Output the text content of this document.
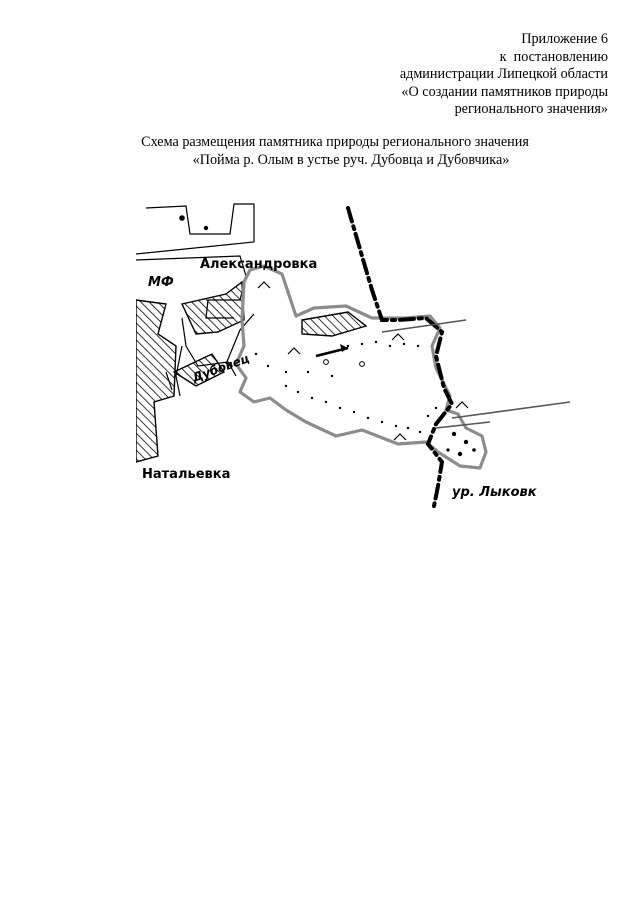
Приложение 6
к  постановлению
администрации Липецкой области
«О создании памятников природы
регионального значения»
Схема размещения памятника природы регионального значения
«Пойма р. Олым в устье руч. Дубовца и Дубовчика»
МФ
Александровка
Натальевка
Дубовец
ур. Лыковк
